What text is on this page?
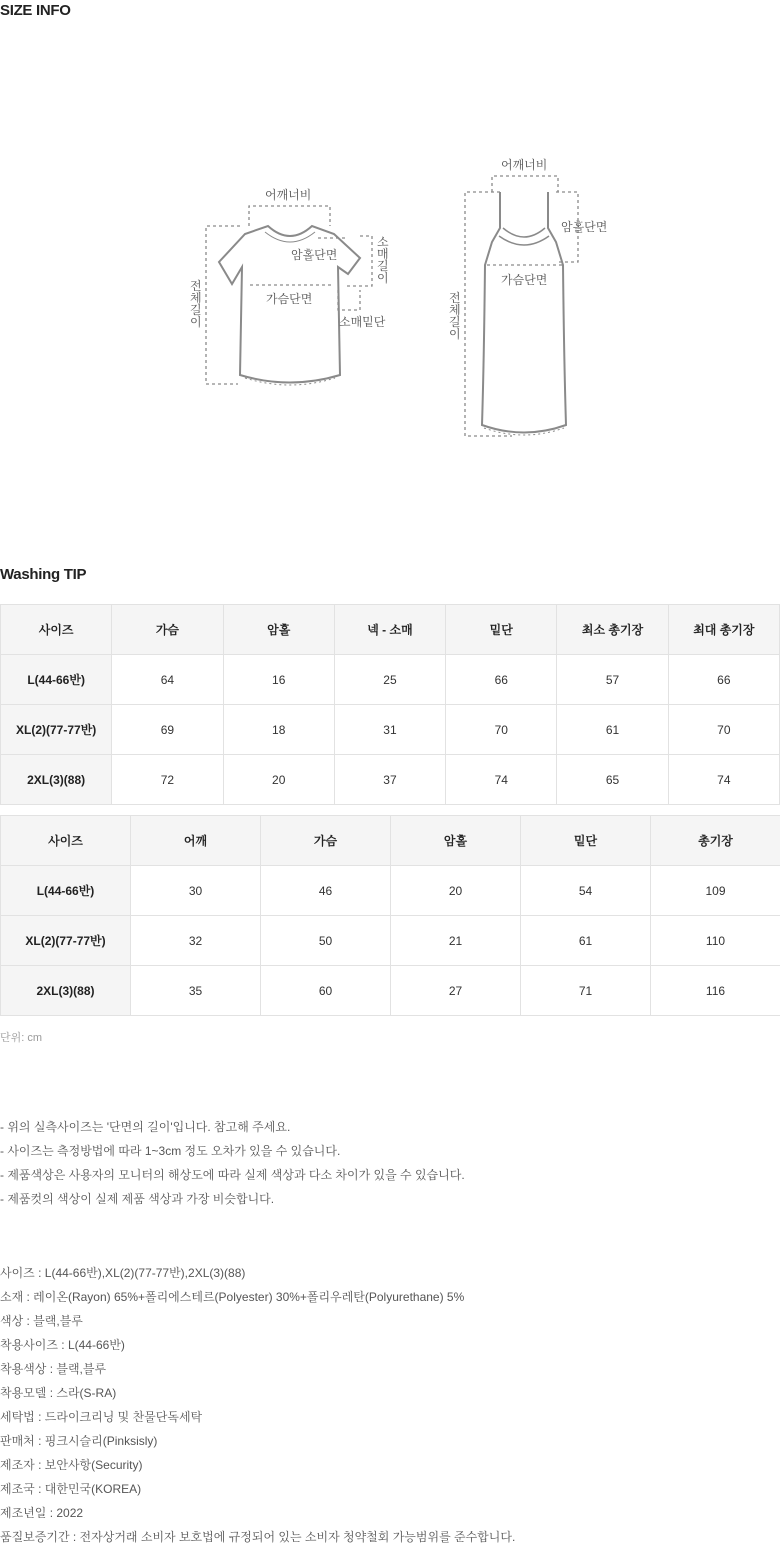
SIZE INFO
어깨너비
암홀단면
가슴단면
소매밑단
소
매
길
이
전
체
길
이
어깨너비
암홀단면
가슴단면
전
체
길
이
Washing TIP
사이즈	가슴	암홀	넥 - 소매	밑단	최소 총기장	최대 총기장
L(44-66반)	64	16	25	66	57	66
XL(2)(77-77반)	69	18	31	70	61	70
2XL(3)(88)	72	20	37	74	65	74
사이즈	어깨	가슴	암홀	밑단	총기장
L(44-66반)	30	46	20	54	109
XL(2)(77-77반)	32	50	21	61	110
2XL(3)(88)	35	60	27	71	116
단위: cm
- 위의 실측사이즈는 '단면의 길이'입니다. 참고해 주세요.
- 사이즈는 측정방법에 따라 1~3cm 정도 오차가 있을 수 있습니다.
- 제품색상은 사용자의 모니터의 해상도에 따라 실제 색상과 다소 차이가 있을 수 있습니다.
- 제품컷의 색상이 실제 제품 색상과 가장 비슷합니다.
사이즈 : L(44-66반),XL(2)(77-77반),2XL(3)(88)
소재 : 레이온(Rayon) 65%+폴리에스테르(Polyester) 30%+폴리우레탄(Polyurethane) 5%
색상 : 블랙,블루
착용사이즈 : L(44-66반)
착용색상 : 블랙,블루
착용모델 : 스라(S-RA)
세탁법 : 드라이크리닝 및 찬물단독세탁
판매처 : 핑크시슬리(Pinksisly)
제조자 : 보안사항(Security)
제조국 : 대한민국(KOREA)
제조년일 : 2022
품질보증기간 : 전자상거래 소비자 보호법에 규정되어 있는 소비자 청약철회 가능범위를 준수합니다.
